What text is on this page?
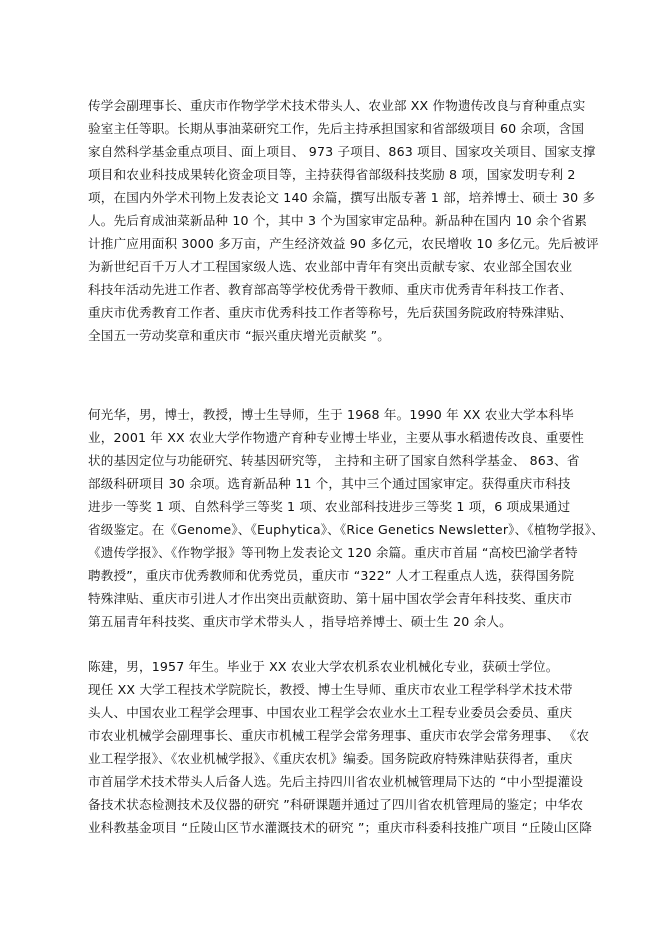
传学会副理事长、重庆市作物学学术技术带头人、农业部 XX 作物遗传改良与育种重点实
验室主任等职。长期从事油菜研究工作，先后主持承担国家和省部级项目 60 余项，含国
家自然科学基金重点项目、面上项目、 973 子项目、863 项目、国家攻关项目、国家支撑
项目和农业科技成果转化资金项目等，主持获得省部级科技奖励 8 项，国家发明专利 2
项，在国内外学术刊物上发表论文 140 余篇，撰写出版专著 1 部，培养博士、硕士 30 多
人。先后育成油菜新品种 10 个，其中 3 个为国家审定品种。新品种在国内 10 余个省累
计推广应用面积 3000 多万亩，产生经济效益 90 多亿元，农民增收 10 多亿元。先后被评
为新世纪百千万人才工程国家级人选、农业部中青年有突出贡献专家、农业部全国农业
科技年活动先进工作者、教育部高等学校优秀骨干教师、重庆市优秀青年科技工作者、
重庆市优秀教育工作者、重庆市优秀科技工作者等称号，先后获国务院政府特殊津贴、
全国五一劳动奖章和重庆市 “振兴重庆增光贡献奖 ”。
何光华，男，博士，教授，博士生导师，生于 1968 年。1990 年 XX 农业大学本科毕
业，2001 年 XX 农业大学作物遗产育种专业博士毕业，主要从事水稻遗传改良、重要性
状的基因定位与功能研究、转基因研究等， 主持和主研了国家自然科学基金、 863、省
部级科研项目 30 余项。选育新品种 11 个，其中三个通过国家审定。获得重庆市科技
进步一等奖 1 项、自然科学三等奖 1 项、农业部科技进步三等奖 1 项，6 项成果通过
省级鉴定。在《Genome》、《Euphytica》、《Rice Genetics Newsletter》、《植物学报》、
《遗传学报》、《作物学报》等刊物上发表论文 120 余篇。重庆市首届 “高校巴渝学者特
聘教授”，重庆市优秀教师和优秀党员，重庆市 “322” 人才工程重点人选，获得国务院
特殊津贴、重庆市引进人才作出突出贡献资助、第十届中国农学会青年科技奖、重庆市
第五届青年科技奖、重庆市学术带头人 ，指导培养博士、硕士生 20 余人。
陈建，男，1957 年生。毕业于 XX 农业大学农机系农业机械化专业，获硕士学位。
现任 XX 大学工程技术学院院长，教授、博士生导师、重庆市农业工程学科学术技术带
头人、中国农业工程学会理事、中国农业工程学会农业水土工程专业委员会委员、重庆
市农业机械学会副理事长、重庆市机械工程学会常务理事、重庆市农学会常务理事、 《农
业工程学报》、《农业机械学报》、《重庆农机》编委。国务院政府特殊津贴获得者，重庆
市首届学术技术带头人后备人选。先后主持四川省农业机械管理局下达的 “中小型提灌设
备技术状态检测技术及仪器的研究 ”科研课题并通过了四川省农机管理局的鉴定；中华农
业科教基金项目 “丘陵山区节水灌溉技术的研究 ”；重庆市科委科技推广项目 “丘陵山区降
